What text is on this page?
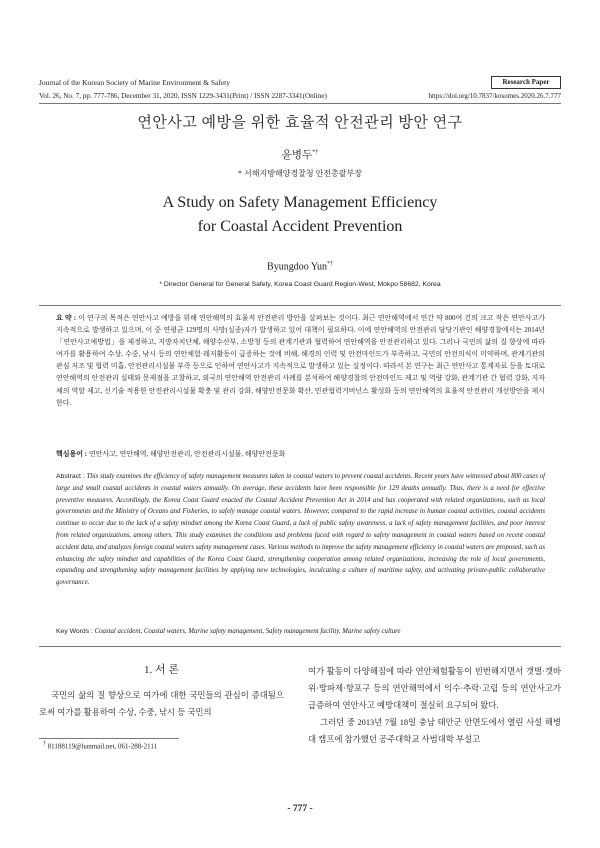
Journal of the Korean Society of Marine Environment & Safety
Vol. 26, No. 7, pp. 777-786, December 31, 2020, ISSN 1229-3431(Print) / ISSN 2287-3341(Online)	https://doi.org/10.7837/kosomes.2020.26.7.777
Research Paper
연안사고 예방을 위한 효율적 안전관리 방안 연구
윤병두*†
* 서해지방해양경찰청 안전총괄부장
A Study on Safety Management Efficiency
for Coastal Accident Prevention
Byungdoo Yun*†
* Director General for General Safety, Korea Coast Guard Region-West, Mokpo 58682, Korea
요 약 : 이 연구의 목적은 연안사고 예방을 위해 연안해역의 효율적 안전관리 방안을 살펴보는 것이다. 최근 연안해역에서 연간 약 800여 건의 크고 작은 연안사고가 지속적으로 발생하고 있으며, 이 중 연평균 129명의 사망(실종)자가 발생하고 있어 대책이 필요하다. 이에 연안해역의 안전관리 담당기관인 해양경찰에서는 2014년 「연안사고예방법」을 제정하고, 지방자치단체, 해양수산부, 소방청 등의 관계기관과 협력하여 연안해역을 안전관리하고 있다. 그러나 국민의 삶의 질 향상에 따라 여가를 활용하여 수상, 수중, 낚시 등의 연안체험·레저활동이 급증하는 것에 비해, 해경의 인력 및 안전마인드가 부족하고, 국민의 안전의식이 미약하며, 관계기관의 관심 저조 및 협력 미흡, 안전관리시설물 부족 등으로 인하여 연안사고가 지속적으로 발생하고 있는 실정이다. 따라서 본 연구는 최근 연안사고 통계자료 등을 토대로 연안해역의 안전관리 실태와 문제점을 고찰하고, 외국의 연안해역 안전관리 사례를 분석하여 해양경찰의 안전마인드 제고 및 역량 강화, 관계기관 간 협력 강화, 지자체의 역할 제고, 신기술 적용한 안전관리시설물 확충 및 관리 강화, 해양안전문화 확산, 민관협력거버넌스 활성화 등의 연안해역의 효율적 안전관리 개선방안을 제시한다.
핵심용어 : 연안사고, 연안해역, 해양안전관리, 안전관리시설물, 해양안전문화
Abstract : This study examines the efficiency of safety management measures taken in coastal waters to prevent coastal accidents. Recent years have witnessed about 800 cases of large and small coastal accidents in coastal waters annually. On average, these accidents have been responsible for 129 deaths annually. Thus, there is a need for effective preventive measures. Accordingly, the Korea Coast Guard enacted the Coastal Accident Prevention Act in 2014 and has cooperated with related organizations, such as local governments and the Ministry of Oceans and Fisheries, to safely manage coastal waters. However, compared to the rapid increase in human coastal activities, coastal accidents continue to occur due to the lack of a safety mindset among the Korea Coast Guard, a lack of public safety awareness, a lack of safety management facilities, and poor interest from related organizations, among others. This study examines the conditions and problems faced with regard to safety management in coastal waters based on recent coastal accident data, and analyzes foreign coastal waters safety management cases. Various methods to improve the safety management efficiency in coastal waters are proposed, such as enhancing the safety mindset and capabilities of the Korea Coast Guard, strengthening cooperation among related organizations, increasing the role of local governments, expanding and strengthening safety management facilities by applying new technologies, inculcating a culture of maritime safety, and activating private-public collaborative governance.
Key Words : Coastal accident, Coastal waters, Marine safety management, Safety management facility, Marine safety culture
1. 서 론
국민의 삶의 질 향상으로 여가에 대한 국민들의 관심이 증대됨으로써 여가를 활용하여 수상, 수중, 낚시 등 국민의

여가 활동이 다양해짐에 따라 연안체험활동이 빈번해지면서 갯벌·갯바위·방파제·항포구 등의 연안해역에서 익수·추락·고립 등의 연안사고가 급증하여 연안사고 예방대책이 절실히 요구되어 왔다.

그러던 중 2013년 7월 18일 충남 태안군 안면도에서 열린 사설 해병대 캠프에 참가했던 공주대학교 사범대학 부설고

† 81188119@hanmail.net, 061-288-2111
- 777 -
